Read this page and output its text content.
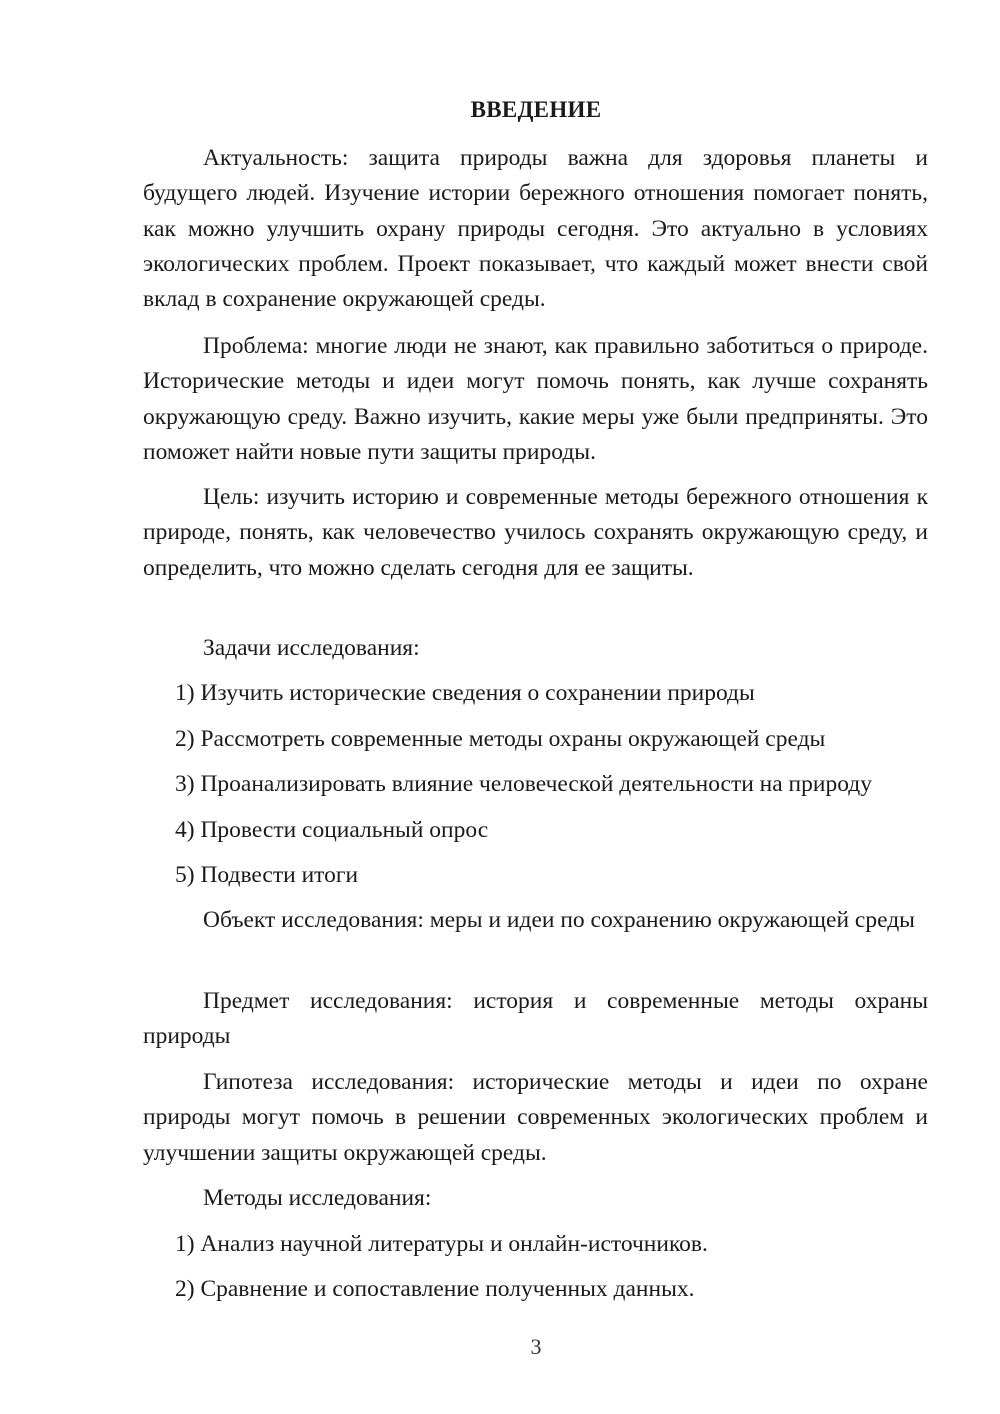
ВВЕДЕНИЕ

Актуальность: защита природы важна для здоровья планеты и будущего людей. Изучение истории бережного отношения помогает понять, как можно улучшить охрану природы сегодня. Это актуально в условиях экологических проблем. Проект показывает, что каждый может внести свой вклад в сохранение окружающей среды.

Проблема: многие люди не знают, как правильно заботиться о природе. Исторические методы и идеи могут помочь понять, как лучше сохранять окружающую среду. Важно изучить, какие меры уже были предприняты. Это поможет найти новые пути защиты природы.

Цель: изучить историю и современные методы бережного отношения к природе, понять, как человечество училось сохранять окружающую среду, и определить, что можно сделать сегодня для ее защиты.

Задачи исследования:

1) Изучить исторические сведения о сохранении природы

2) Рассмотреть современные методы охраны окружающей среды

3) Проанализировать влияние человеческой деятельности на природу

4) Провести социальный опрос

5) Подвести итоги

Объект исследования: меры и идеи по сохранению окружающей среды

Предмет исследования: история и современные методы охраны природы

Гипотеза исследования: исторические методы и идеи по охране природы могут помочь в решении современных экологических проблем и улучшении защиты окружающей среды.

Методы исследования:

1) Анализ научной литературы и онлайн-источников.

2) Сравнение и сопоставление полученных данных.

3
